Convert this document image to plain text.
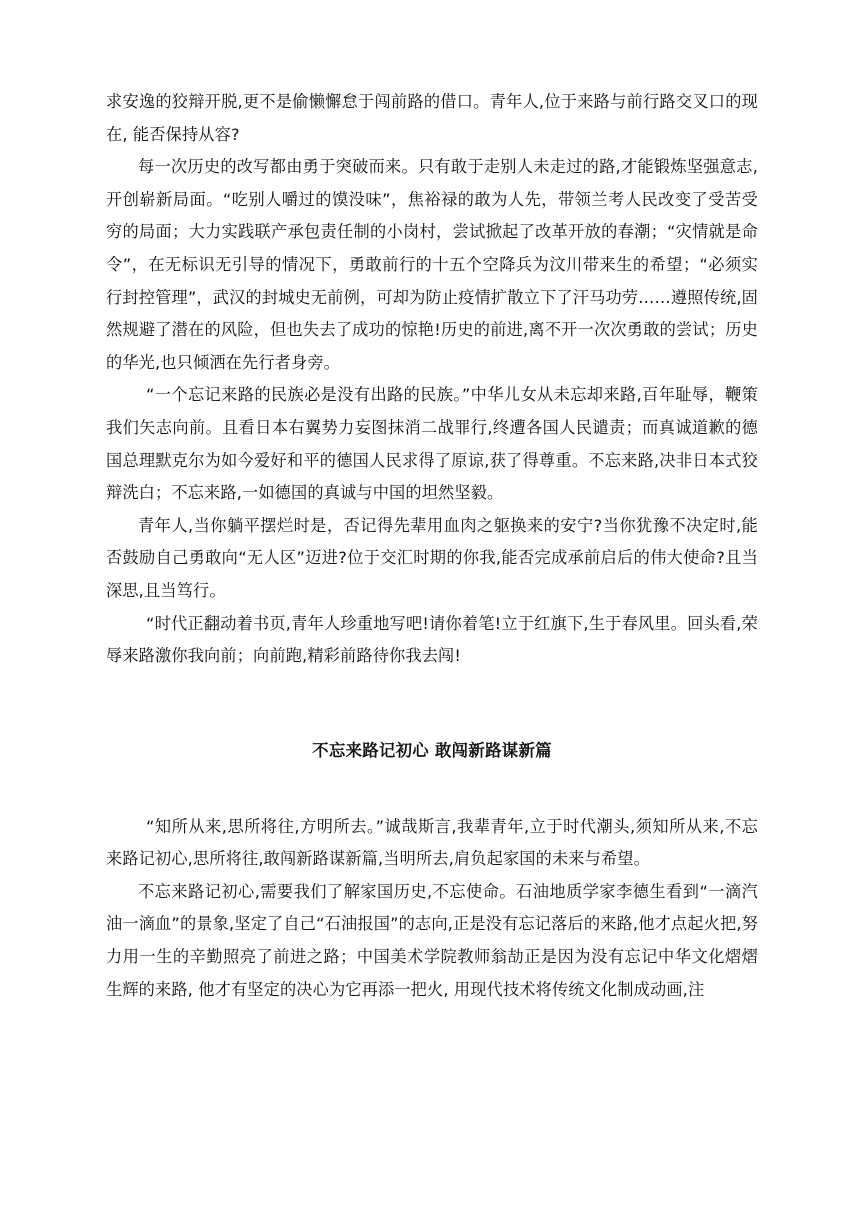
求安逸的狡辩开脱,更不是偷懒懈怠于闯前路的借口。青年人,位于来路与前行路交叉口的现在, 能否保持从容?

每一次历史的改写都由勇于突破而来。只有敢于走别人未走过的路,才能锻炼坚强意志,开创崭新局面。“吃别人嚼过的馍没味”，焦裕禄的敢为人先，带领兰考人民改变了受苦受穷的局面；大力实践联产承包责任制的小岗村，尝试掀起了改革开放的春潮；“灾情就是命令”，在无标识无引导的情况下，勇敢前行的十五个空降兵为汶川带来生的希望；“必须实行封控管理”，武汉的封城史无前例，可却为防止疫情扩散立下了汗马功劳……遵照传统,固然规避了潜在的风险，但也失去了成功的惊艳!历史的前进,离不开一次次勇敢的尝试；历史的华光,也只倾洒在先行者身旁。

“一个忘记来路的民族必是没有出路的民族。”中华儿女从未忘却来路,百年耻辱，鞭策我们矢志向前。且看日本右翼势力妄图抹消二战罪行,终遭各国人民谴责；而真诚道歉的德国总理默克尔为如今爱好和平的德国人民求得了原谅,获了得尊重。不忘来路,决非日本式狡辩洗白；不忘来路,一如德国的真诚与中国的坦然坚毅。

青年人,当你躺平摆烂时是，否记得先辈用血肉之躯换来的安宁?当你犹豫不决定时,能否鼓励自己勇敢向“无人区”迈进?位于交汇时期的你我,能否完成承前启后的伟大使命?且当深思,且当笃行。

“时代正翻动着书页,青年人珍重地写吧!请你着笔!立于红旗下,生于春风里。回头看,荣辱来路激你我向前；向前跑,精彩前路待你我去闯!

不忘来路记初心 敢闯新路谋新篇

“知所从来,思所将往,方明所去。”诚哉斯言,我辈青年,立于时代潮头,须知所从来,不忘来路记初心,思所将往,敢闯新路谋新篇,当明所去,肩负起家国的未来与希望。

不忘来路记初心,需要我们了解家国历史,不忘使命。石油地质学家李德生看到“一滴汽油一滴血”的景象,坚定了自己“石油报国”的志向,正是没有忘记落后的来路,他才点起火把,努力用一生的辛勤照亮了前进之路；中国美术学院教师翁劼正是因为没有忘记中华文化熠熠生辉的来路, 他才有坚定的决心为它再添一把火, 用现代技术将传统文化制成动画,注
